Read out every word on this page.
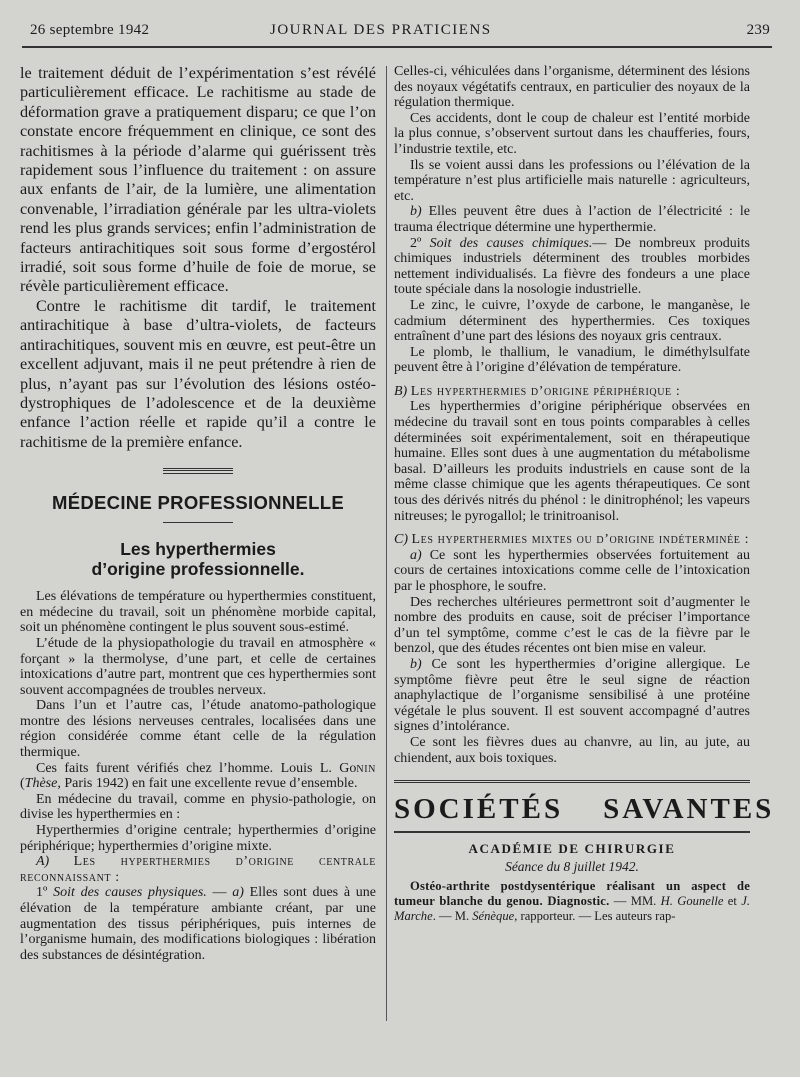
26 septembre 1942	JOURNAL DES PRATICIENS	239

le traitement déduit de l’expérimentation s’est révélé particulièrement efficace. Le rachitisme au stade de déformation grave a pratiquement disparu; ce que l’on constate encore fréquemment en clinique, ce sont des rachitismes à la période d’alarme qui guérissent très rapidement sous l’influence du traitement : on assure aux enfants de l’air, de la lumière, une alimentation convenable, l’irradiation générale par les ultra-violets rend les plus grands services; enfin l’administration de facteurs antirachitiques soit sous forme d’ergostérol irradié, soit sous forme d’huile de foie de morue, se révèle particulièrement efficace.

Contre le rachitisme dit tardif, le traitement antirachitique à base d’ultra-violets, de facteurs antirachitiques, souvent mis en œuvre, est peut-être un excellent adjuvant, mais il ne peut prétendre à rien de plus, n’ayant pas sur l’évolution des lésions ostéo-dystrophiques de l’adolescence et de la deuxième enfance l’action réelle et rapide qu’il a contre le rachitisme de la première enfance.

MÉDECINE PROFESSIONNELLE
Les hyperthermies
d’origine professionnelle.

Les élévations de température ou hyperthermies constituent, en médecine du travail, soit un phénomène morbide capital, soit un phénomène contingent le plus souvent sous-estimé.

L’étude de la physiopathologie du travail en atmosphère « forçant » la thermolyse, d’une part, et celle de certaines intoxications d’autre part, montrent que ces hyperthermies sont souvent accompagnées de troubles nerveux.

Dans l’un et l’autre cas, l’étude anatomo-pathologique montre des lésions nerveuses centrales, localisées dans une région considérée comme étant celle de la régulation thermique.

Ces faits furent vérifiés chez l’homme. Louis L. Gonin (Thèse, Paris 1942) en fait une excellente revue d’ensemble.

En médecine du travail, comme en physio-pathologie, on divise les hyperthermies en :

Hyperthermies d’origine centrale; hyperthermies d’origine périphérique; hyperthermies d’origine mixte.

A) Les hyperthermies d’origine centrale reconnaissant :

1º Soit des causes physiques. — a) Elles sont dues à une élévation de la température ambiante créant, par une augmentation des tissus périphériques, puis internes de l’organisme humain, des modifications biologiques : libération des substances de désintégration.

Celles-ci, véhiculées dans l’organisme, déterminent des lésions des noyaux végétatifs centraux, en particulier des noyaux de la régulation thermique.

Ces accidents, dont le coup de chaleur est l’entité morbide la plus connue, s’observent surtout dans les chaufferies, fours, l’industrie textile, etc.

Ils se voient aussi dans les professions ou l’élévation de la température n’est plus artificielle mais naturelle : agriculteurs, etc.

b) Elles peuvent être dues à l’action de l’électricité : le trauma électrique détermine une hyperthermie.

2º Soit des causes chimiques.— De nombreux produits chimiques industriels déterminent des troubles morbides nettement individualisés. La fièvre des fondeurs a une place toute spéciale dans la nosologie industrielle.

Le zinc, le cuivre, l’oxyde de carbone, le manganèse, le cadmium déterminent des hyperthermies. Ces toxiques entraînent d’une part des lésions des noyaux gris centraux.

Le plomb, le thallium, le vanadium, le diméthylsulfate peuvent être à l’origine d’élévation de température.

B) Les hyperthermies d’origine périphérique :

Les hyperthermies d’origine périphérique observées en médecine du travail sont en tous points comparables à celles déterminées soit expérimentalement, soit en thérapeutique humaine. Elles sont dues à une augmentation du métabolisme basal. D’ailleurs les produits industriels en cause sont de la même classe chimique que les agents thérapeutiques. Ce sont tous des dérivés nitrés du phénol : le dinitrophénol; les vapeurs nitreuses; le pyrogallol; le trinitroanisol.

C) Les hyperthermies mixtes ou d’origine indéterminée :

a) Ce sont les hyperthermies observées fortuitement au cours de certaines intoxications comme celle de l’intoxication par le phosphore, le soufre.

Des recherches ultérieures permettront soit d’augmenter le nombre des produits en cause, soit de préciser l’importance d’un tel symptôme, comme c’est le cas de la fièvre par le benzol, que des études récentes ont bien mise en valeur.

b) Ce sont les hyperthermies d’origine allergique. Le symptôme fièvre peut être le seul signe de réaction anaphylactique de l’organisme sensibilisé à une protéine végétale le plus souvent. Il est souvent accompagné d’autres signes d’intolérance.

Ce sont les fièvres dues au chanvre, au lin, au jute, au chiendent, aux bois toxiques.

SOCIÉTÉS SAVANTES
ACADÉMIE DE CHIRURGIE
Séance du 8 juillet 1942.

Ostéo-arthrite postdysentérique réalisant un aspect de tumeur blanche du genou. Diagnostic. — MM. H. Gounelle et J. Marche. — M. Sénèque, rapporteur. — Les auteurs rap-
